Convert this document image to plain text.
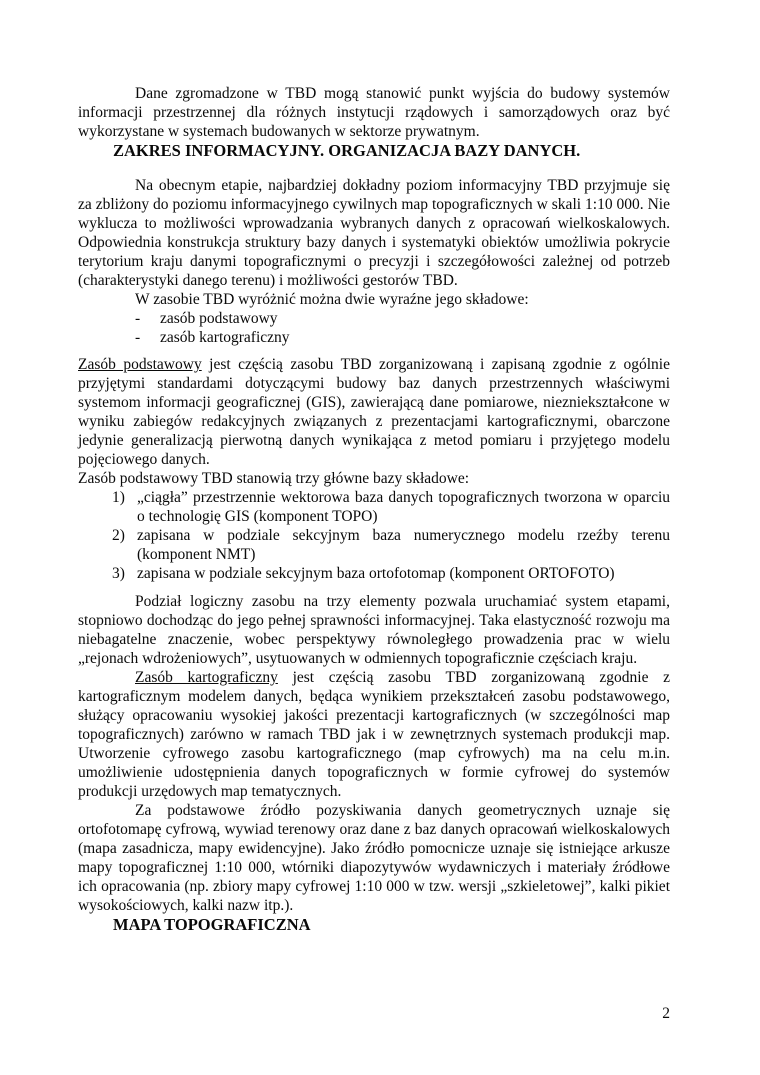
Dane zgromadzone w TBD mogą stanowić punkt wyjścia do budowy systemów informacji przestrzennej dla różnych instytucji rządowych i samorządowych oraz być wykorzystane w systemach budowanych w sektorze prywatnym.

ZAKRES INFORMACYJNY. ORGANIZACJA BAZY DANYCH.

Na obecnym etapie, najbardziej dokładny poziom informacyjny TBD przyjmuje się za zbliżony do poziomu informacyjnego cywilnych map topograficznych w skali 1:10 000. Nie wyklucza to możliwości wprowadzania wybranych danych z opracowań wielkoskalowych. Odpowiednia konstrukcja struktury bazy danych i systematyki obiektów umożliwia pokrycie terytorium kraju danymi topograficznymi o precyzji i szczegółowości zależnej od potrzeb (charakterystyki danego terenu) i możliwości gestorów TBD.

W zasobie TBD wyróżnić można dwie wyraźne jego składowe:

-	zasób podstawowy
-	zasób kartograficzny

Zasób podstawowy jest częścią zasobu TBD zorganizowaną i zapisaną zgodnie z ogólnie przyjętymi standardami dotyczącymi budowy baz danych przestrzennych właściwymi systemom informacji geograficznej (GIS), zawierającą dane pomiarowe, niezniekształcone w wyniku zabiegów redakcyjnych związanych z prezentacjami kartograficznymi, obarczone jedynie generalizacją pierwotną danych wynikająca z metod pomiaru i przyjętego modelu pojęciowego danych.

Zasób podstawowy TBD stanowią trzy główne bazy składowe:

1) „ciągła” przestrzennie wektorowa baza danych topograficznych tworzona w oparciu o technologię GIS (komponent TOPO)
2) zapisana w podziale sekcyjnym baza numerycznego modelu rzeźby terenu (komponent NMT)
3) zapisana w podziale sekcyjnym baza ortofotomap (komponent ORTOFOTO)

Podział logiczny zasobu na trzy elementy pozwala uruchamiać system etapami, stopniowo dochodząc do jego pełnej sprawności informacyjnej. Taka elastyczność rozwoju ma niebagatelne znaczenie, wobec perspektywy równoległego prowadzenia prac w wielu „rejonach wdrożeniowych”, usytuowanych w odmiennych topograficznie częściach kraju.

Zasób kartograficzny jest częścią zasobu TBD zorganizowaną zgodnie z kartograficznym modelem danych, będąca wynikiem przekształceń zasobu podstawowego, służący opracowaniu wysokiej jakości prezentacji kartograficznych (w szczególności map topograficznych) zarówno w ramach TBD jak i w zewnętrznych systemach produkcji map. Utworzenie cyfrowego zasobu kartograficznego (map cyfrowych) ma na celu m.in. umożliwienie udostępnienia danych topograficznych w formie cyfrowej do systemów produkcji urzędowych map tematycznych.

Za podstawowe źródło pozyskiwania danych geometrycznych uznaje się ortofotomapę cyfrową, wywiad terenowy oraz dane z baz danych opracowań wielkoskalowych (mapa zasadnicza, mapy ewidencyjne). Jako źródło pomocnicze uznaje się istniejące arkusze mapy topograficznej 1:10 000, wtórniki diapozytywów wydawniczych i materiały źródłowe ich opracowania (np. zbiory mapy cyfrowej 1:10 000 w tzw. wersji „szkieletowej”, kalki pikiet wysokościowych, kalki nazw itp.).

MAPA TOPOGRAFICZNA
2
